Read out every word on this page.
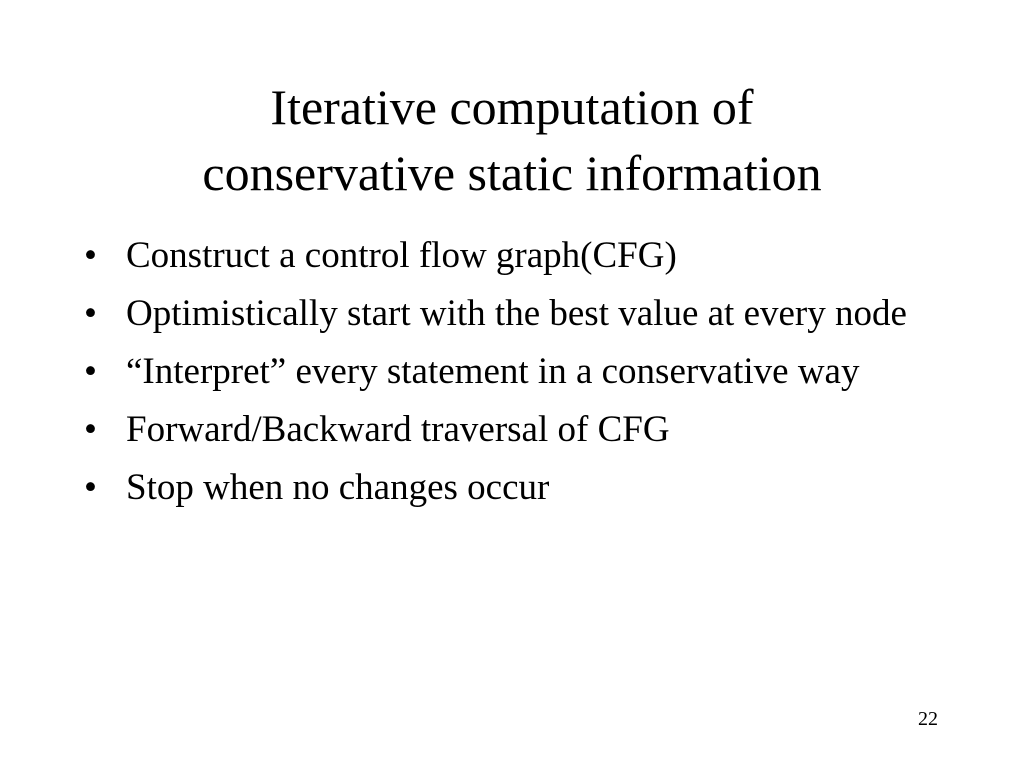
Iterative computation of
conservative static information
• Construct a control flow graph(CFG)
• Optimistically start with the best value at every node
• “Interpret” every statement in a conservative way
• Forward/Backward traversal of CFG
• Stop when no changes occur
22
